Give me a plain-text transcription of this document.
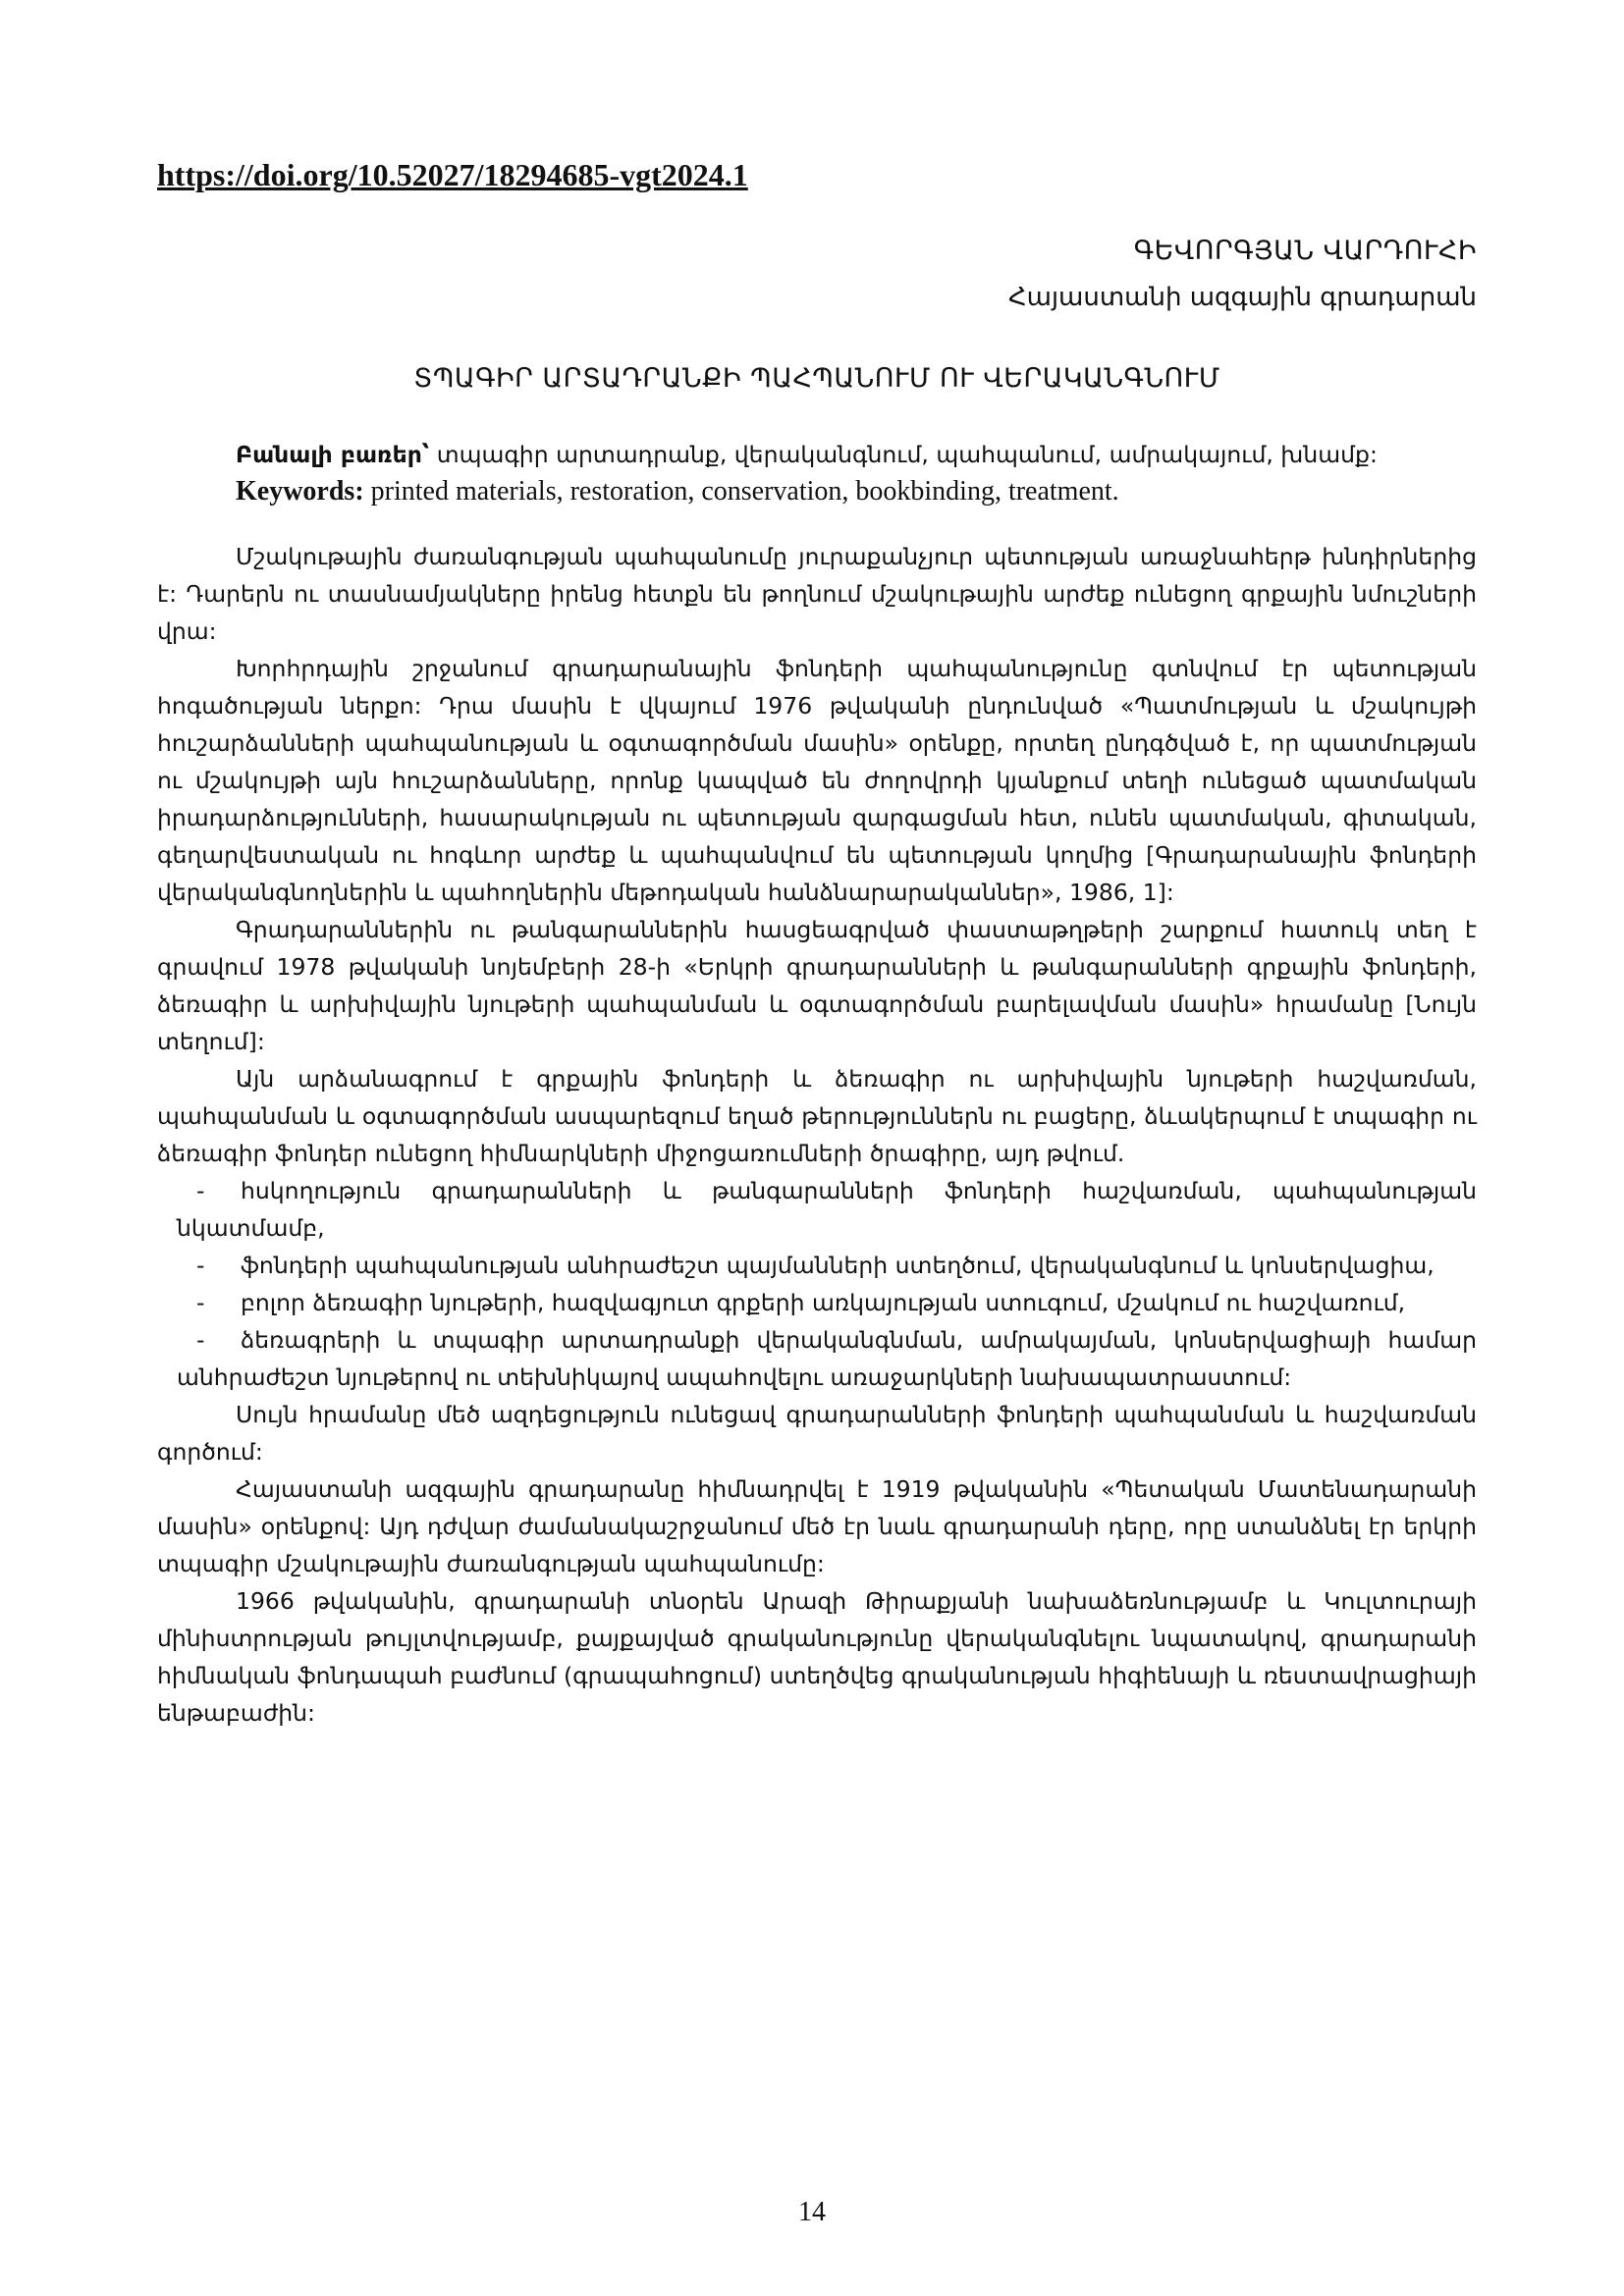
https://doi.org/10.52027/18294685-vgt2024.1
ԳԵՎՈՐԳՅԱՆ ՎԱՐԴՈՒՀԻ
Հայաստանի ազգային գրադարան
ՏՊԱԳԻՐ ԱՐՏԱԴՐԱՆՔԻ ՊԱՀՊԱՆՈՒՄ ՈՒ ՎԵՐԱԿԱՆԳՆՈՒՄ

Բանալի բառեր՝ տպագիր արտադրանք, վերականգնում, պահպանում, ամրակայում, խնամք:

Keywords: printed materials, restoration, conservation, bookbinding, treatment.

Մշակութային ժառանգության պահպանումը յուրաքանչյուր պետության առաջնահերթ խնդիրներից է: Դարերն ու տասնամյակները իրենց հետքն են թողնում մշակութային արժեք ունեցող գրքային նմուշների վրա:

Խորհրդային շրջանում գրադարանային ֆոնդերի պահպանությունը գտնվում էր պետության հոգածության ներքո: Դրա մասին է վկայում 1976 թվականի ընդունված «Պատմության և մշակույթի հուշարձանների պահպանության և օգտագործման մասին» օրենքը, որտեղ ընդգծված է, որ պատմության ու մշակույթի այն հուշարձանները, որոնք կապված են ժողովրդի կյանքում տեղի ունեցած պատմական իրադարձությունների, հասարակության ու պետության զարգացման հետ, ունեն պատմական, գիտական, գեղարվեստական ու հոգևոր արժեք և պահպանվում են պետության կողմից [Գրադարանային ֆոնդերի վերականգնողներին և պահողներին մեթոդական հանձնարարականներ», 1986, 1]:

Գրադարաններին ու թանգարաններին հասցեագրված փաստաթղթերի շարքում հատուկ տեղ է գրավում 1978 թվականի նոյեմբերի 28-ի «Երկրի գրադարանների և թանգարանների գրքային ֆոնդերի, ձեռագիր և արխիվային նյութերի պահպանման և օգտագործման բարելավման մասին» հրամանը [Նույն տեղում]:

Այն արձանագրում է գրքային ֆոնդերի և ձեռագիր ու արխիվային նյութերի հաշվառման, պահպանման և օգտագործման ասպարեզում եղած թերություններն ու բացերը, ձևակերպում է տպագիր ու ձեռագիր ֆոնդեր ունեցող հիմնարկների միջոցառումների ծրագիրը, այդ թվում.

- հսկողություն գրադարանների և թանգարանների ֆոնդերի հաշվառման, պահպանության նկատմամբ,

- ֆոնդերի պահպանության անհրաժեշտ պայմանների ստեղծում, վերականգնում և կոնսերվացիա,

- բոլոր ձեռագիր նյութերի, հազվագյուտ գրքերի առկայության ստուգում, մշակում ու հաշվառում,

- ձեռագրերի և տպագիր արտադրանքի վերականգնման, ամրակայման, կոնսերվացիայի համար անհրաժեշտ նյութերով ու տեխնիկայով ապահովելու առաջարկների նախապատրաստում:

Սույն հրամանը մեծ ազդեցություն ունեցավ գրադարանների ֆոնդերի պահպանման և հաշվառման գործում:

Հայաստանի ազգային գրադարանը հիմնադրվել է 1919 թվականին «Պետական Մատենադարանի մասին» օրենքով: Այդ դժվար ժամանակաշրջանում մեծ էր նաև գրադարանի դերը, որը ստանձնել էր երկրի տպագիր մշակութային ժառանգության պահպանումը:

1966 թվականին, գրադարանի տնօրեն Արազի Թիրաքյանի նախաձեռնությամբ և Կուլտուրայի մինիստրության թույլտվությամբ, քայքայված գրականությունը վերականգնելու նպատակով, գրադարանի հիմնական ֆոնդապահ բաժնում (գրապահոցում) ստեղծվեց գրականության հիգիենայի և ռեստավրացիայի ենթաբաժին:

14
